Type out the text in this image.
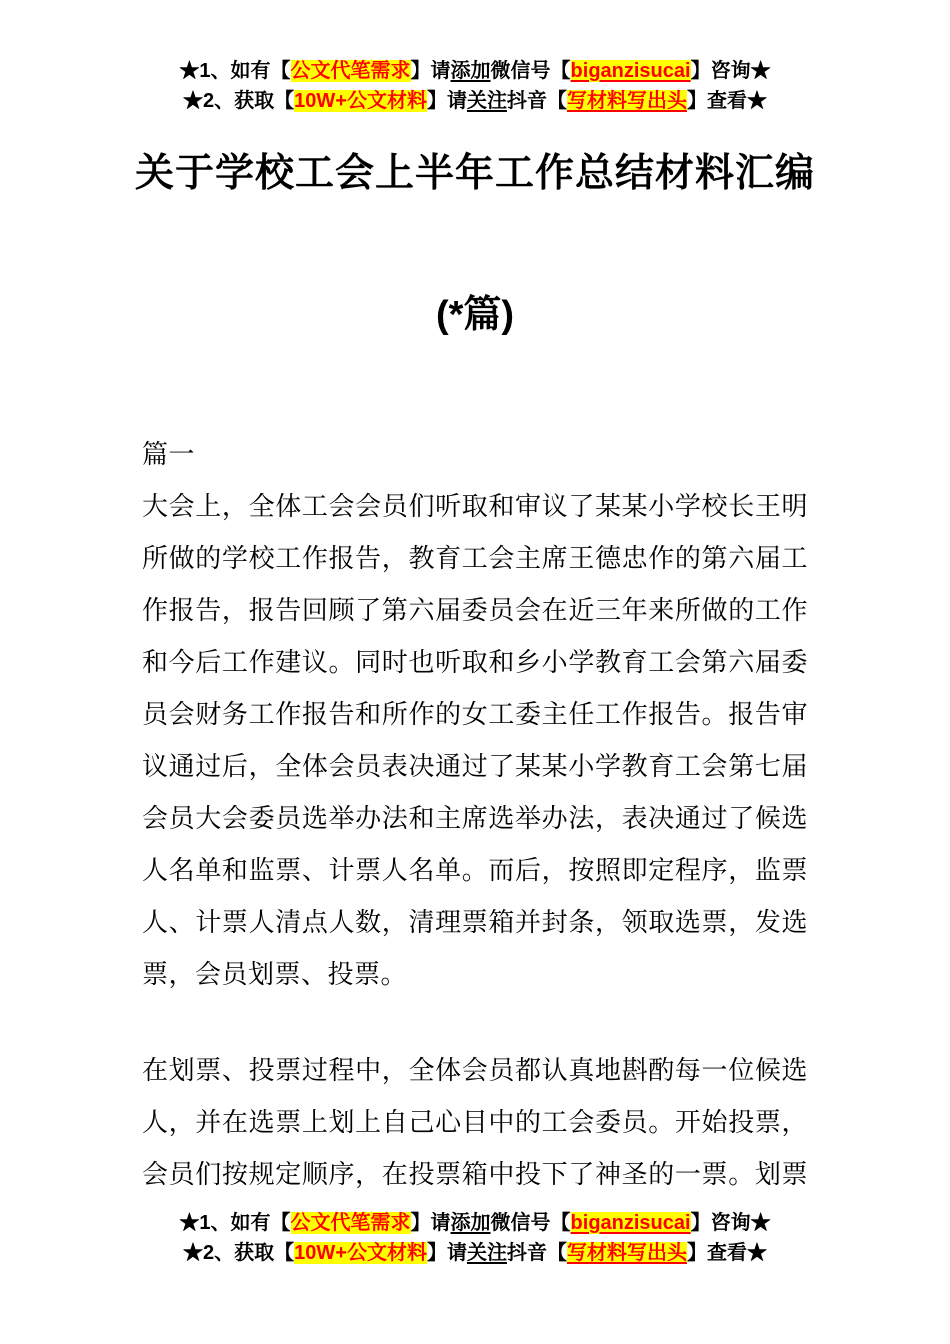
★1、如有【公文代笔需求】请添加微信号【biganzisucai】咨询★
★2、获取【10W+公文材料】请关注抖音【写材料写出头】查看★
关于学校工会上半年工作总结材料汇编
(*篇)
篇一
大会上，全体工会会员们听取和审议了某某小学校长王明
所做的学校工作报告，教育工会主席王德忠作的第六届工
作报告，报告回顾了第六届委员会在近三年来所做的工作
和今后工作建议。同时也听取和乡小学教育工会第六届委
员会财务工作报告和所作的女工委主任工作报告。报告审
议通过后，全体会员表决通过了某某小学教育工会第七届
会员大会委员选举办法和主席选举办法，表决通过了候选
人名单和监票、计票人名单。而后，按照即定程序，监票
人、计票人清点人数，清理票箱并封条，领取选票，发选
票，会员划票、投票。
在划票、投票过程中，全体会员都认真地斟酌每一位候选
人，并在选票上划上自己心目中的工会委员。开始投票，
会员们按规定顺序，在投票箱中投下了神圣的一票。划票
★1、如有【公文代笔需求】请添加微信号【biganzisucai】咨询★
★2、获取【10W+公文材料】请关注抖音【写材料写出头】查看★
